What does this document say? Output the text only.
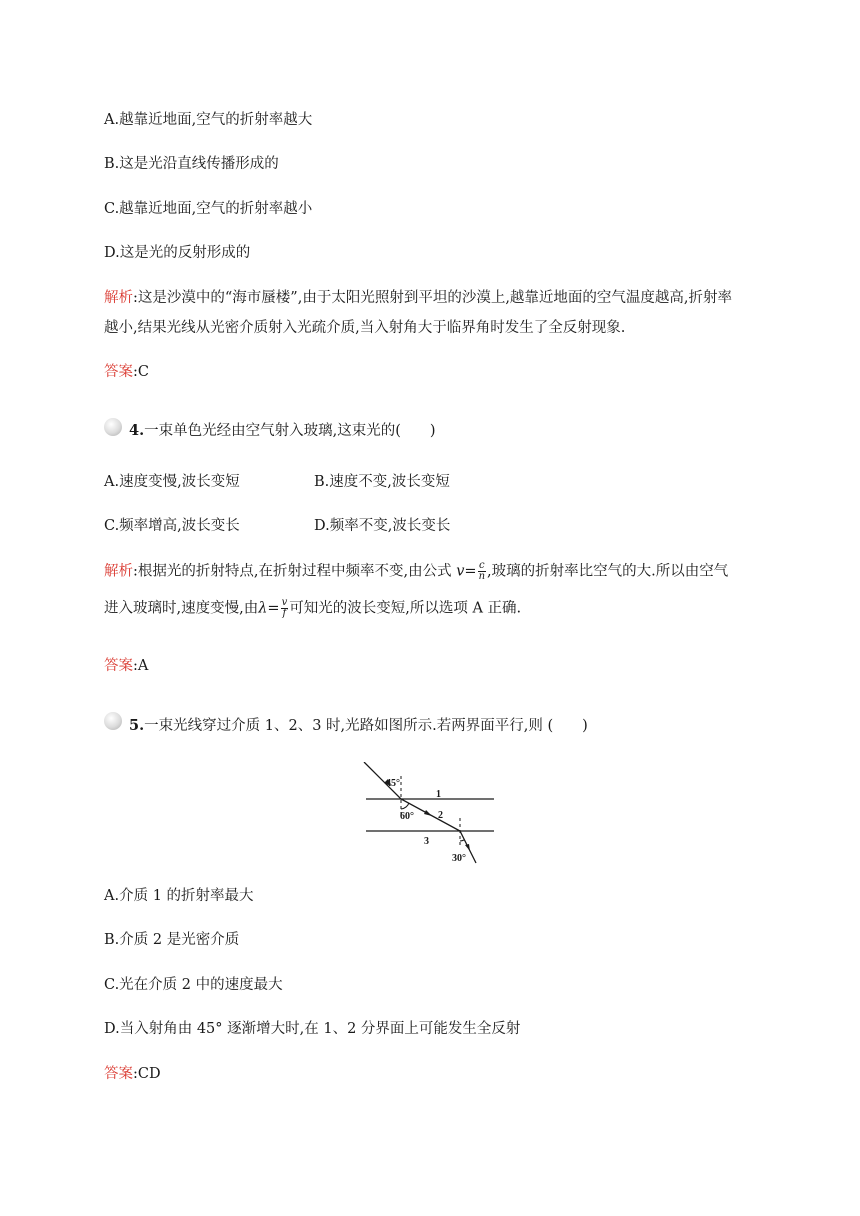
A.越靠近地面,空气的折射率越大
B.这是光沿直线传播形成的
C.越靠近地面,空气的折射率越小
D.这是光的反射形成的
解析:这是沙漠中的“海市蜃楼”,由于太阳光照射到平坦的沙漠上,越靠近地面的空气温度越高,折射率
越小,结果光线从光密介质射入光疏介质,当入射角大于临界角时发生了全反射现象.
答案:C
4.一束单色光经由空气射入玻璃,这束光的(　　)
A.速度变慢,波长变短	B.速度不变,波长变短
C.频率增高,波长变长	D.频率不变,波长变长
解析:根据光的折射特点,在折射过程中频率不变,由公式 $v= \frac{c}{n}$ ,玻璃的折射率比空气的大.所以由空气
进入玻璃时,速度变慢,由$\lambda= \frac{v}{f}$ 可知光的波长变短,所以选项 A 正确.
答案:A
5.一束光线穿过介质 1、2、3 时,光路如图所示.若两界面平行,则 (　　)
45°
60°
30°
1
2
3
A.介质 1 的折射率最大
B.介质 2 是光密介质
C.光在介质 2 中的速度最大
D.当入射角由 45° 逐渐增大时,在 1、2 分界面上可能发生全反射
答案:CD
